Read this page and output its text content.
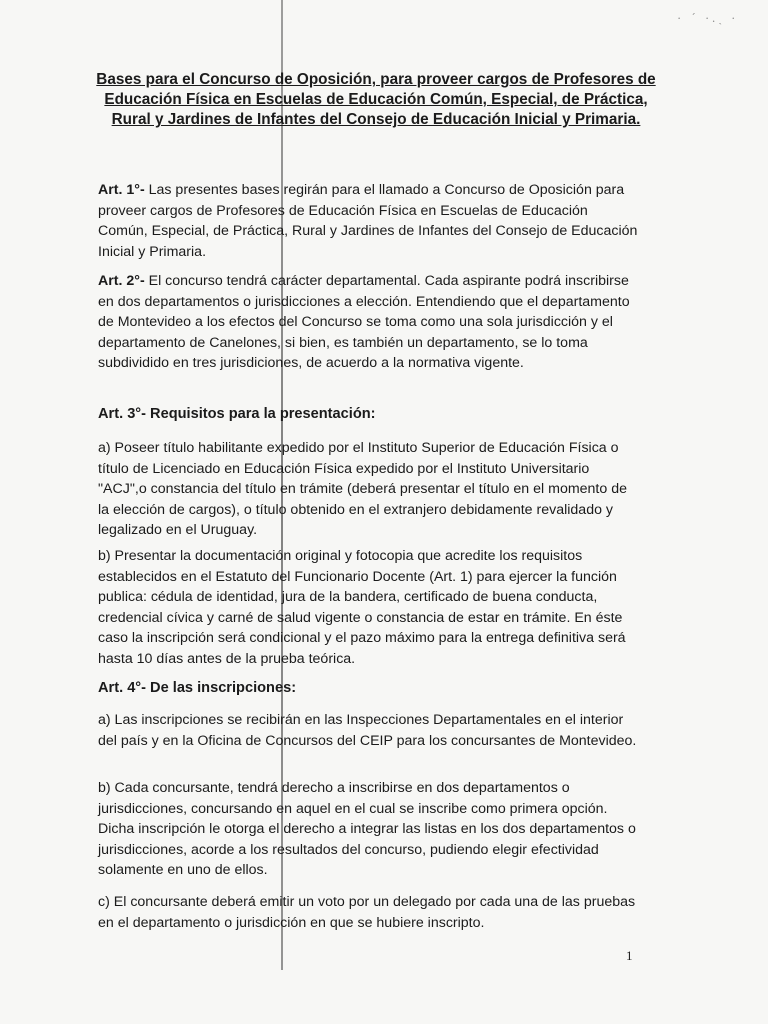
· ˊ ·.ˎ ·
Bases para el Concurso de Oposición, para proveer cargos de Profesores de Educación Física en Escuelas de Educación Común, Especial, de Práctica, Rural y Jardines de Infantes del Consejo de Educación Inicial y Primaria.

Art. 1°- Las presentes bases regirán para el llamado a Concurso de Oposición para proveer cargos de Profesores de Educación Física en Escuelas de Educación Común, Especial, de Práctica, Rural y Jardines de Infantes del Consejo de Educación Inicial y Primaria.

Art. 2°- El concurso tendrá carácter departamental. Cada aspirante podrá inscribirse en dos departamentos o jurisdicciones a elección. Entendiendo que el departamento de Montevideo a los efectos del Concurso se toma como una sola jurisdicción y el departamento de Canelones, si bien, es también un departamento, se lo toma subdividido en tres jurisdiciones, de acuerdo a la normativa vigente.

Art. 3°- Requisitos para la presentación:

a) Poseer título habilitante expedido por el Instituto Superior de Educación Física o título de Licenciado en Educación Física expedido por el Instituto Universitario "ACJ",o constancia del título en trámite (deberá presentar el título en el momento de la elección de cargos), o título obtenido en el extranjero debidamente revalidado y legalizado en el Uruguay.

b) Presentar la documentación original y fotocopia que acredite los requisitos establecidos en el Estatuto del Funcionario Docente (Art. 1) para ejercer la función publica: cédula de identidad, jura de la bandera, certificado de buena conducta, credencial cívica y carné de salud vigente o constancia de estar en trámite. En éste caso la inscripción será condicional y el pazo máximo para la entrega definitiva será hasta 10 días antes de la prueba teórica.

Art. 4°- De las inscripciones:

a) Las inscripciones se recibirán en las Inspecciones Departamentales en el interior del país y en la Oficina de Concursos del CEIP para los concursantes de Montevideo.

b) Cada concursante, tendrá derecho a inscribirse en dos departamentos o jurisdicciones, concursando en aquel en el cual se inscribe como primera opción. Dicha inscripción le otorga el derecho a integrar las listas en los dos departamentos o jurisdicciones, acorde a los resultados del concurso, pudiendo elegir efectividad solamente en uno de ellos.

c) El concursante deberá emitir un voto por un delegado por cada una de las pruebas en el departamento o jurisdicción en que se hubiere inscripto.

1
